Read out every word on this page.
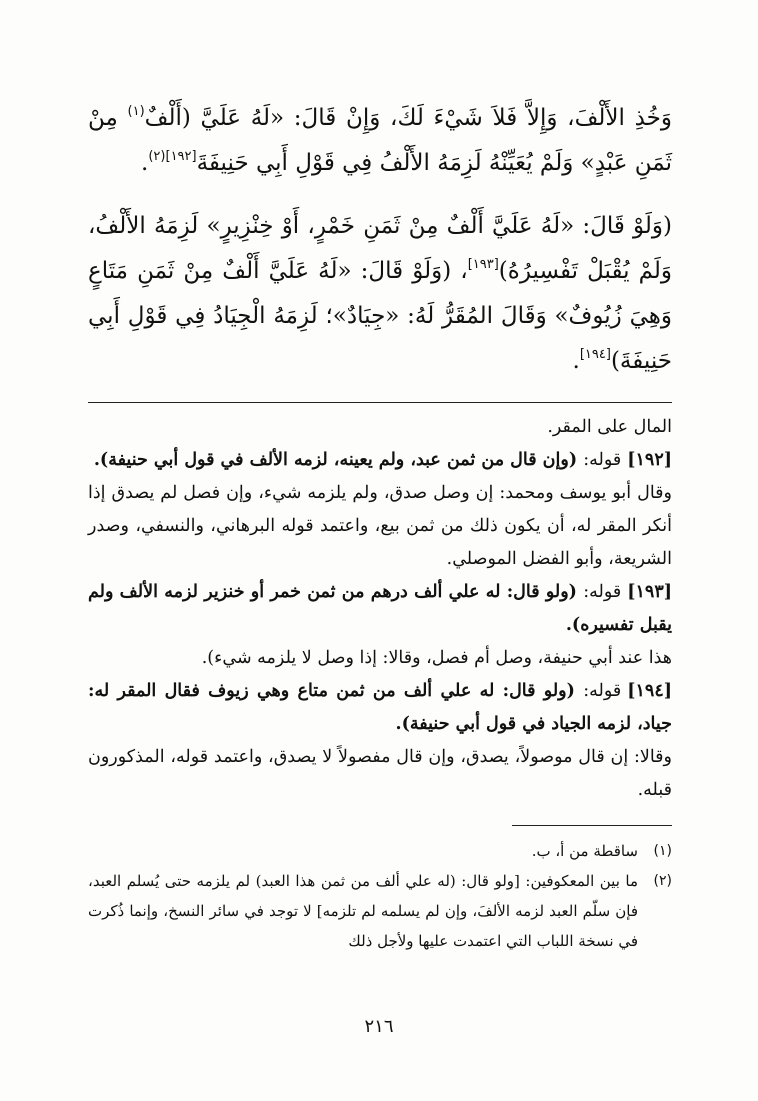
وَخُذِ الأَلْفَ، وَإِلاَّ فَلاَ شَيْءَ لَكَ، وَإِنْ قَالَ: «لَهُ عَلَيَّ (أَلْفٌ$^{(١)}$ مِنْ ثَمَنِ عَبْدٍ» وَلَمْ يُعَيِّنْهُ لَزِمَهُ الأَلْفُ فِي قَوْلِ أَبِي حَنِيفَةَ$^{[١٩٢](٢)}$.

(وَلَوْ قَالَ: «لَهُ عَلَيَّ أَلْفٌ مِنْ ثَمَنِ خَمْرٍ، أَوْ خِنْزِيرٍ» لَزِمَهُ الأَلْفُ، وَلَمْ يُقْبَلْ تَفْسِيرُهُ)[١٩٣]، (وَلَوْ قَالَ: «لَهُ عَلَيَّ أَلْفٌ مِنْ ثَمَنِ مَتَاعٍ وَهِيَ زُيُوفٌ» وَقَالَ المُقَرُّ لَهُ: «جِيَادٌ»؛ لَزِمَهُ الْجِيَادُ فِي قَوْلِ أَبِي حَنِيفَةَ)[١٩٤].

المال على المقر.

[١٩٢]قوله: (وإن قال من ثمن عبد، ولم يعينه، لزمه الألف في قول أبي حنيفة).

وقال أبو يوسف ومحمد: إن وصل صدق، ولم يلزمه شيء، وإن فصل لم يصدق إذا أنكر المقر له، أن يكون ذلك من ثمن بيع، واعتمد قوله البرهاني، والنسفي، وصدر الشريعة، وأبو الفضل الموصلي.

[١٩٣]قوله: (ولو قال: له علي ألف درهم من ثمن خمر أو خنزير لزمه الألف ولم يقبل تفسيره).

هذا عند أبي حنيفة، وصل أم فصل، وقالا: إذا وصل لا يلزمه شيء).

[١٩٤]قوله: (ولو قال: له علي ألف من ثمن متاع وهي زيوف فقال المقر له: جياد، لزمه الجياد في قول أبي حنيفة).

وقالا: إن قال موصولاً، يصدق، وإن قال مفصولاً لا يصدق، واعتمد قوله، المذكورون قبله.

(١)
ساقطة من أ، ب.

(٢)
ما بين المعكوفين: [ولو قال: (له علي ألف من ثمن هذا العبد) لم يلزمه حتى يُسلم العبد، فإن سلّم العبد لزمه الألفَ، وإن لم يسلمه لم تلزمه] لا توجد في سائر النسخ، وإنما ذُكرت في نسخة اللباب التي اعتمدت عليها ولأجل ذلك

٢١٦
